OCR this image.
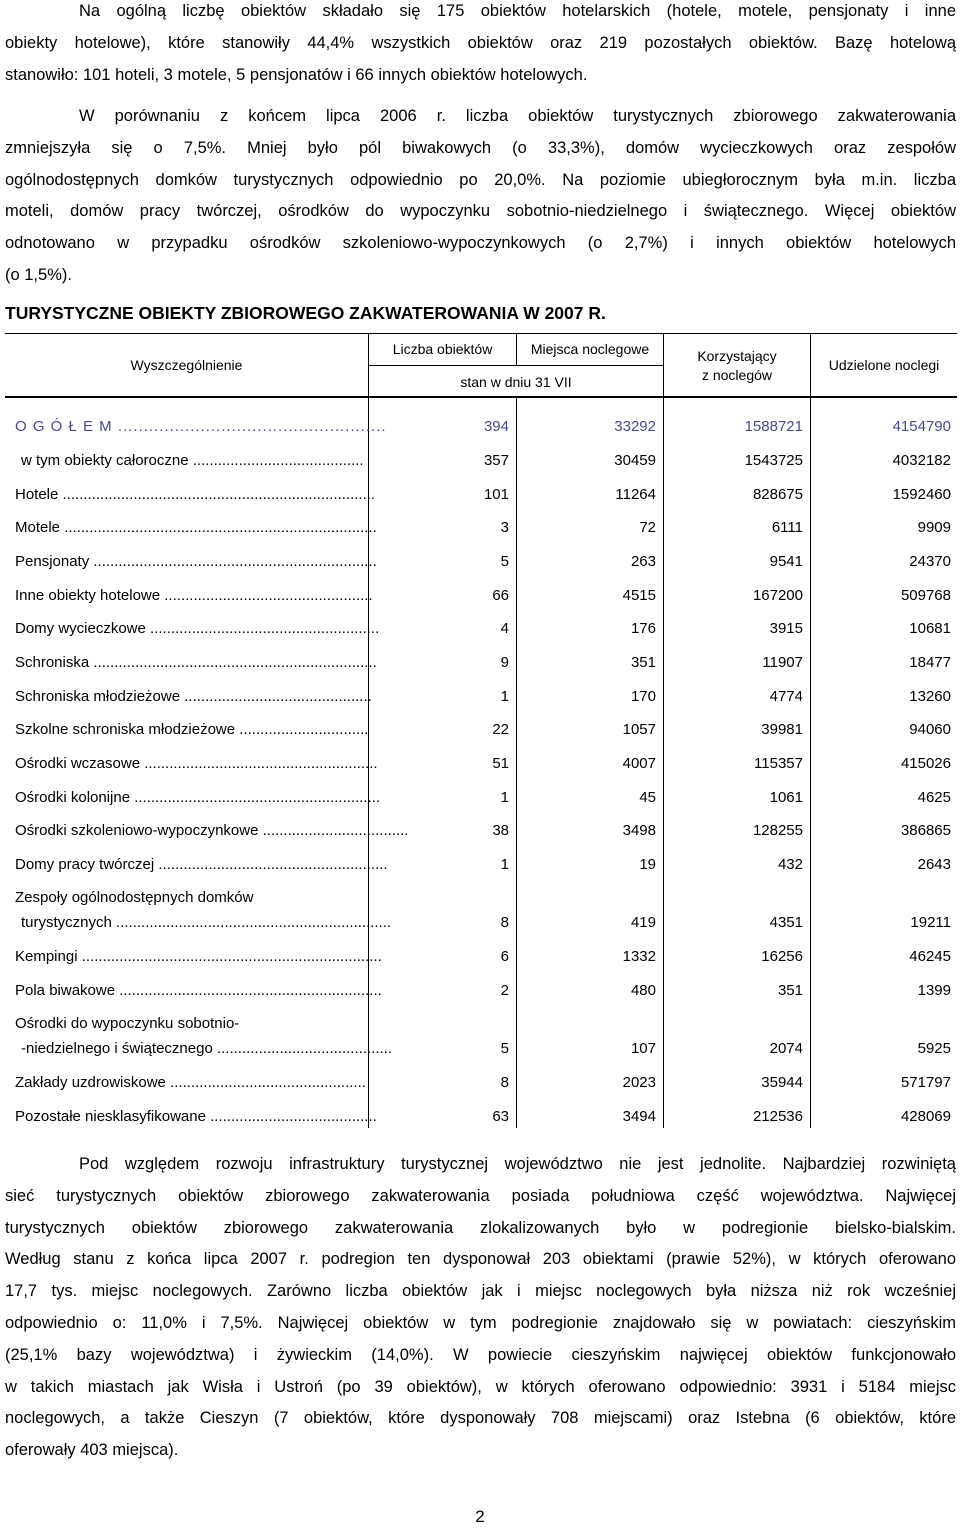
Na ogólną liczbę obiektów składało się 175 obiektów hotelarskich (hotele, motele, pensjonaty i inne
obiekty hotelowe), które stanowiły 44,4% wszystkich obiektów oraz 219 pozostałych obiektów. Bazę hotelową
stanowiło: 101 hoteli, 3 motele, 5 pensjonatów i 66 innych obiektów hotelowych.
W porównaniu z końcem lipca 2006 r. liczba obiektów turystycznych zbiorowego zakwaterowania
zmniejszyła się o 7,5%. Mniej było pól biwakowych (o 33,3%), domów wycieczkowych oraz zespołów
ogólnodostępnych domków turystycznych odpowiednio po 20,0%. Na poziomie ubiegłorocznym była m.in. liczba
moteli, domów pracy twórczej, ośrodków do wypoczynku sobotnio-niedzielnego i świątecznego. Więcej obiektów
odnotowano w przypadku ośrodków szkoleniowo-wypoczynkowych (o 2,7%) i innych obiektów hotelowych
(o 1,5%).
TURYSTYCZNE OBIEKTY ZBIOROWEGO ZAKWATEROWANIA W 2007 R.
Wyszczególnienie
Liczba obiektów	Miejsca noclegowe
stan w dniu 31 VII
Korzystający
z noclegów
Udzielone noclegi
O G Ó Ł E M ....................................................	394	33292	1588721	4154790
w tym obiekty całoroczne .........................................	357	30459	1543725	4032182
Hotele ...........................................................................	101	11264	828675	1592460
Motele ...........................................................................	3	72	6111	9909
Pensjonaty ....................................................................	5	263	9541	24370
Inne obiekty hotelowe ..................................................	66	4515	167200	509768
Domy wycieczkowe .......................................................	4	176	3915	10681
Schroniska ....................................................................	9	351	11907	18477
Schroniska młodzieżowe .............................................	1	170	4774	13260
Szkolne schroniska młodzieżowe ...............................	22	1057	39981	94060
Ośrodki wczasowe ........................................................	51	4007	115357	415026
Ośrodki kolonijne ...........................................................	1	45	1061	4625
Ośrodki szkoleniowo-wypoczynkowe ...................................	38	3498	128255	386865
Domy pracy twórczej .......................................................	1	19	432	2643
Zespoły ogólnodostępnych domków
turystycznych ..................................................................	8	419	4351	19211
Kempingi ........................................................................	6	1332	16256	46245
Pola biwakowe ...............................................................	2	480	351	1399
Ośrodki do wypoczynku sobotnio-
-niedzielnego i świątecznego ..........................................	5	107	2074	5925
Zakłady uzdrowiskowe ...............................................	8	2023	35944	571797
Pozostałe niesklasyfikowane ........................................	63	3494	212536	428069
Pod względem rozwoju infrastruktury turystycznej województwo nie jest jednolite. Najbardziej rozwiniętą
sieć turystycznych obiektów zbiorowego zakwaterowania posiada południowa część województwa. Najwięcej
turystycznych obiektów zbiorowego zakwaterowania zlokalizowanych było w podregionie bielsko-bialskim.
Według stanu z końca lipca 2007 r. podregion ten dysponował 203 obiektami (prawie 52%), w których oferowano
17,7 tys. miejsc noclegowych. Zarówno liczba obiektów jak i miejsc noclegowych była niższa niż rok wcześniej
odpowiednio o: 11,0% i 7,5%. Najwięcej obiektów w tym podregionie znajdowało się w powiatach: cieszyńskim
(25,1% bazy województwa) i żywieckim (14,0%). W powiecie cieszyńskim najwięcej obiektów funkcjonowało
w takich miastach jak Wisła i Ustroń (po 39 obiektów), w których oferowano odpowiednio: 3931 i 5184 miejsc
noclegowych, a także Cieszyn (7 obiektów, które dysponowały 708 miejscami) oraz Istebna (6 obiektów, które
oferowały 403 miejsca).
2
